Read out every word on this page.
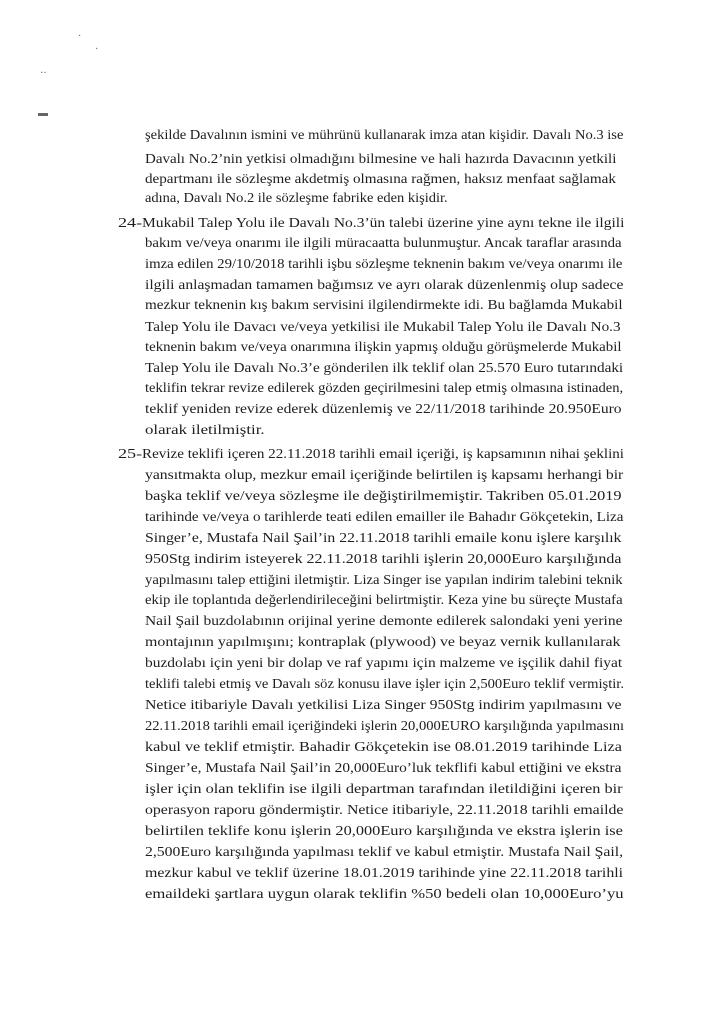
·
·
‥
▬
şekilde Davalının ismini ve mührünü kullanarak imza atan kişidir. Davalı No.3 ise
Davalı No.2’nin yetkisi olmadığını bilmesine ve hali hazırda Davacının yetkili
departmanı ile sözleşme akdetmiş olmasına rağmen, haksız menfaat sağlamak
adına, Davalı No.2 ile sözleşme fabrike eden kişidir.
24- Mukabil Talep Yolu ile Davalı No.3’ün talebi üzerine yine aynı tekne ile ilgili
bakım ve/veya onarımı ile ilgili müracaatta bulunmuştur. Ancak taraflar arasında
imza edilen 29/10/2018 tarihli işbu sözleşme teknenin bakım ve/veya onarımı ile
ilgili anlaşmadan tamamen bağımsız ve ayrı olarak düzenlenmiş olup sadece
mezkur teknenin kış bakım servisini ilgilendirmekte idi. Bu bağlamda Mukabil
Talep Yolu ile Davacı ve/veya yetkilisi ile Mukabil Talep Yolu ile Davalı No.3
teknenin bakım ve/veya onarımına ilişkin yapmış olduğu görüşmelerde Mukabil
Talep Yolu ile Davalı No.3’e gönderilen ilk teklif olan 25.570 Euro tutarındaki
teklifin tekrar revize edilerek gözden geçirilmesini talep etmiş olmasına istinaden,
teklif yeniden revize ederek düzenlemiş ve 22/11/2018 tarihinde 20.950Euro
olarak iletilmiştir.
25- Revize teklifi içeren 22.11.2018 tarihli email içeriği, iş kapsamının nihai şeklini
yansıtmakta olup, mezkur email içeriğinde belirtilen iş kapsamı herhangi bir
başka teklif ve/veya sözleşme ile değiştirilmemiştir. Takriben 05.01.2019
tarihinde ve/veya o tarihlerde teati edilen emailler ile Bahadır Gökçetekin, Liza
Singer’e, Mustafa Nail Şail’in 22.11.2018 tarihli emaile konu işlere karşılık
950Stg indirim isteyerek 22.11.2018 tarihli işlerin 20,000Euro karşılığında
yapılmasını talep ettiğini iletmiştir. Liza Singer ise yapılan indirim talebini teknik
ekip ile toplantıda değerlendirileceğini belirtmiştir. Keza yine bu süreçte Mustafa
Nail Şail buzdolabının orijinal yerine demonte edilerek salondaki yeni yerine
montajının yapılmışını; kontraplak (plywood) ve beyaz vernik kullanılarak
buzdolabı için yeni bir dolap ve raf yapımı için malzeme ve işçilik dahil fiyat
teklifi talebi etmiş ve Davalı söz konusu ilave işler için 2,500Euro teklif vermiştir.
Netice itibariyle Davalı yetkilisi Liza Singer 950Stg indirim yapılmasını ve
22.11.2018 tarihli email içeriğindeki işlerin 20,000EURO karşılığında yapılmasını
kabul ve teklif etmiştir. Bahadir Gökçetekin ise 08.01.2019 tarihinde Liza
Singer’e, Mustafa Nail Şail’in 20,000Euro’luk tekflifi kabul ettiğini ve ekstra
işler için olan teklifin ise ilgili departman tarafından iletildiğini içeren bir
operasyon raporu göndermiştir. Netice itibariyle, 22.11.2018 tarihli emailde
belirtilen teklife konu işlerin 20,000Euro karşılığında ve ekstra işlerin ise
2,500Euro karşılığında yapılması teklif ve kabul etmiştir. Mustafa Nail Şail,
mezkur kabul ve teklif üzerine 18.01.2019 tarihinde yine 22.11.2018 tarihli
emaildeki şartlara uygun olarak teklifin %50 bedeli olan 10,000Euro’yu
